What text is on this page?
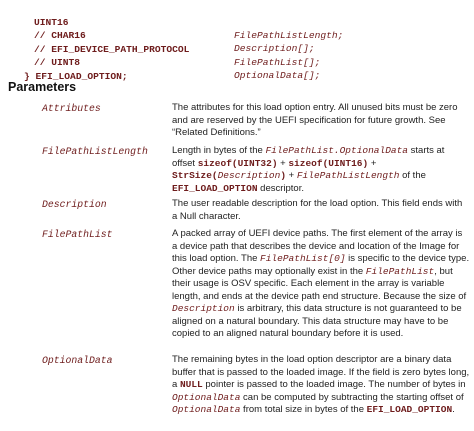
UINT16

FilePathListLength;

// CHAR16

Description[];

// EFI_DEVICE_PATH_PROTOCOL

FilePathList[];

// UINT8

OptionalData[];

} EFI_LOAD_OPTION;

Parameters
Attributes	The attributes for this load option entry. All unused bits must be zero and are reserved by the UEFI specification for future growth. See “Related Definitions.”
FilePathListLength	Length in bytes of the FilePathList.OptionalData starts at offset sizeof(UINT32) + sizeof(UINT16) + StrSize(Description) + FilePathListLength of the EFI_LOAD_OPTION descriptor.
Description	The user readable description for the load option. This field ends with a Null character.
FilePathList	A packed array of UEFI device paths. The first element of the array is a device path that describes the device and location of the Image for this load option. The FilePathList[0] is specific to the device type. Other device paths may optionally exist in the FilePathList, but their usage is OSV specific. Each element in the array is variable length, and ends at the device path end structure. Because the size of Description is arbitrary, this data structure is not guaranteed to be aligned on a natural boundary. This data structure may have to be copied to an aligned natural boundary before it is used.
OptionalData	The remaining bytes in the load option descriptor are a binary data buffer that is passed to the loaded image. If the field is zero bytes long, a NULL pointer is passed to the loaded image. The number of bytes in OptionalData can be computed by subtracting the starting offset of OptionalData from total size in bytes of the EFI_LOAD_OPTION.
